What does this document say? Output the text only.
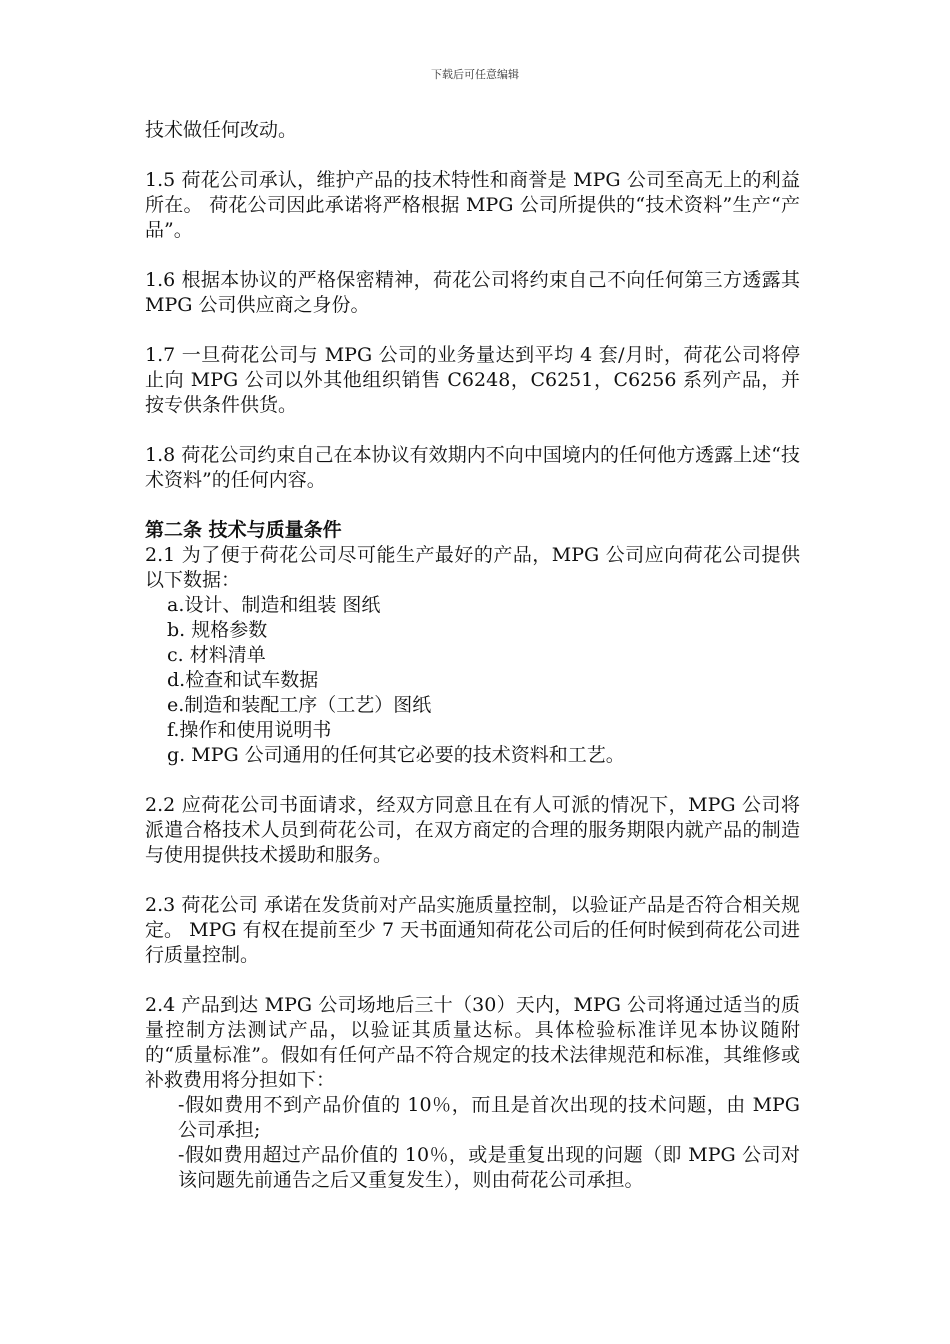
下载后可任意编辑

技术做任何改动。

1.5 荷花公司承认，维护产品的技术特性和商誉是 MPG 公司至高无上的利益所在。 荷花公司因此承诺将严格根据 MPG 公司所提供的“技术资料”生产“产品”。

1.6 根据本协议的严格保密精神，荷花公司将约束自己不向任何第三方透露其 MPG 公司供应商之身份。

1.7 一旦荷花公司与 MPG 公司的业务量达到平均 4 套/月时，荷花公司将停止向 MPG 公司以外其他组织销售 C6248，C6251，C6256 系列产品，并按专供条件供货。

1.8 荷花公司约束自己在本协议有效期内不向中国境内的任何他方透露上述“技术资料”的任何内容。

第二条 技术与质量条件

2.1 为了便于荷花公司尽可能生产最好的产品，MPG 公司应向荷花公司提供以下数据：

a.设计、制造和组装 图纸
b. 规格参数
c. 材料清单
d.检查和试车数据
e.制造和装配工序（工艺）图纸
f.操作和使用说明书
g. MPG 公司通用的任何其它必要的技术资料和工艺。

2.2 应荷花公司书面请求，经双方同意且在有人可派的情况下，MPG 公司将派遣合格技术人员到荷花公司，在双方商定的合理的服务期限内就产品的制造与使用提供技术援助和服务。

2.3 荷花公司 承诺在发货前对产品实施质量控制，以验证产品是否符合相关规定。 MPG 有权在提前至少 7 天书面通知荷花公司后的任何时候到荷花公司进行质量控制。

2.4 产品到达 MPG 公司场地后三十（30）天内，MPG 公司将通过适当的质量控制方法测试产品，以验证其质量达标。具体检验标准详见本协议随附的“质量标准”。假如有任何产品不符合规定的技术法律规范和标准，其维修或补救费用将分担如下：

-假如费用不到产品价值的 10％，而且是首次出现的技术问题，由 MPG 公司承担;

-假如费用超过产品价值的 10％，或是重复出现的问题（即 MPG 公司对该问题先前通告之后又重复发生），则由荷花公司承担。
